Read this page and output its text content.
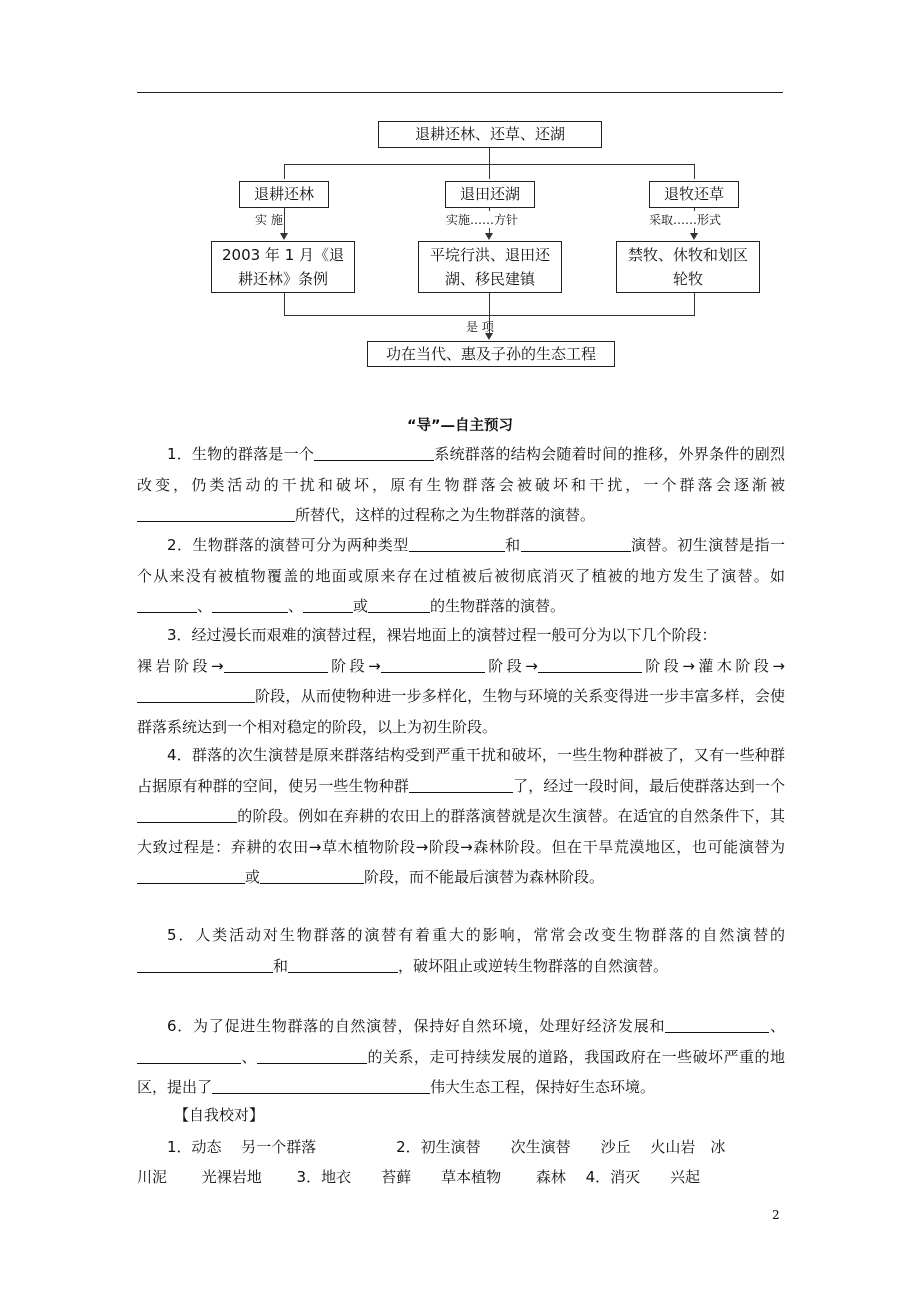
退耕还林、还草、还湖
退耕还林	退田还湖	退牧还草
实 施	实施……方针	采取……形式
2003 年 1 月《退
耕还林》条例
平垸行洪、退田还
湖、移民建镇
禁牧、休牧和划区
轮牧
是 项
功在当代、惠及子孙的生态工程
“导”—自主预习
1．生物的群落是一个	系统群落的结构会随着时间的推移，外界条件的剧烈改变，仍类活动的干扰和破坏，原有生物群落会被破坏和干扰，一个群落会逐渐被所替代，这样的过程称之为生物群落的演替。
2．生物群落的演替可分为两种类型	和	演替。初生演替是指一个从来没有被植物覆盖的地面或原来存在过植被后被彻底消灭了植被的地方发生了演替。如、	、	或	的生物群落的演替。
3．经过漫长而艰难的演替过程，裸岩地面上的演替过程一般可分为以下几个阶段：
裸岩阶段→	阶段→	阶段→	阶段→灌木阶段→阶段，从而使物种进一步多样化，生物与环境的关系变得进一步丰富多样，会使群落系统达到一个相对稳定的阶段，以上为初生阶段。
4．群落的次生演替是原来群落结构受到严重干扰和破坏，一些生物种群被了，又有一些种群占据原有种群的空间，使另一些生物种群	了，经过一段时间，最后使群落达到一个的阶段。例如在弃耕的农田上的群落演替就是次生演替。在适宜的自然条件下，其大致过程是：弃耕的农田→草木植物阶段→阶段→森林阶段。但在干旱荒漠地区，也可能演替为或	阶段，而不能最后演替为森林阶段。
5．人类活动对生物群落的演替有着重大的影响，常常会改变生物群落的自然演替的和	，破坏阻止或逆转生物群落的自然演替。
6．为了促进生物群落的自然演替，保持好自然环境，处理好经济发展和	、、	的关系，走可持续发展的道路，我国政府在一些破坏严重的地区，提出了	伟大生态工程，保持好生态环境。
【自我校对】
1．动态　 另一个群落　　　　　 2．初生演替　　次生演替　　沙丘　 火山岩　冰
川泥　　 光裸岩地　　 3．地衣　　苔藓　　草本植物　　 森林　 4．消灭　　兴起
2
